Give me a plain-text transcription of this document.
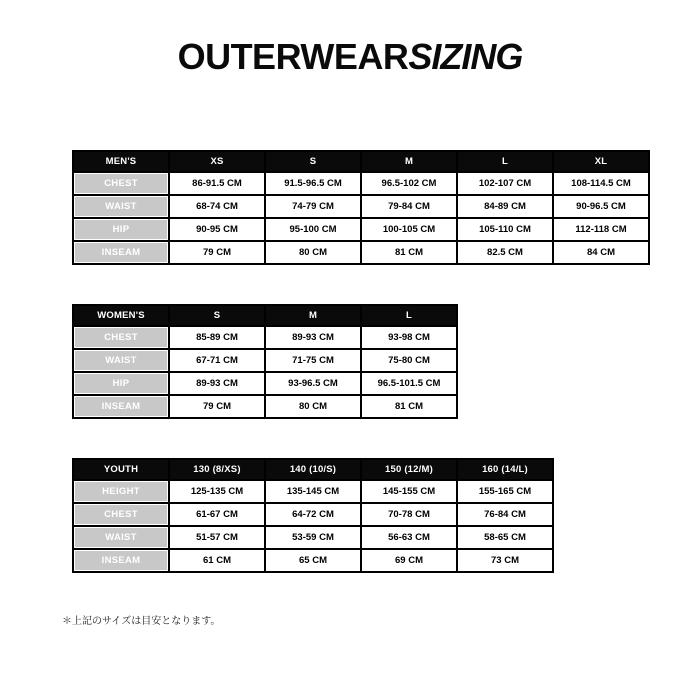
OUTERWEARSIZING
MEN'S	XS	S	M	L	XL
CHEST	86-91.5 CM	91.5-96.5 CM	96.5-102 CM	102-107 CM	108-114.5 CM
WAIST	68-74 CM	74-79 CM	79-84 CM	84-89 CM	90-96.5 CM
HIP	90-95 CM	95-100 CM	100-105 CM	105-110 CM	112-118 CM
INSEAM	79 CM	80 CM	81 CM	82.5 CM	84 CM
WOMEN'S	S	M	L
CHEST	85-89 CM	89-93 CM	93-98 CM
WAIST	67-71 CM	71-75 CM	75-80 CM
HIP	89-93 CM	93-96.5 CM	96.5-101.5 CM
INSEAM	79 CM	80 CM	81 CM
YOUTH	130 (8/XS)	140 (10/S)	150 (12/M)	160 (14/L)
HEIGHT	125-135 CM	135-145 CM	145-155 CM	155-165 CM
CHEST	61-67 CM	64-72 CM	70-78 CM	76-84 CM
WAIST	51-57 CM	53-59 CM	56-63 CM	58-65 CM
INSEAM	61 CM	65 CM	69 CM	73 CM

＊上記のサイズは目安となります。
